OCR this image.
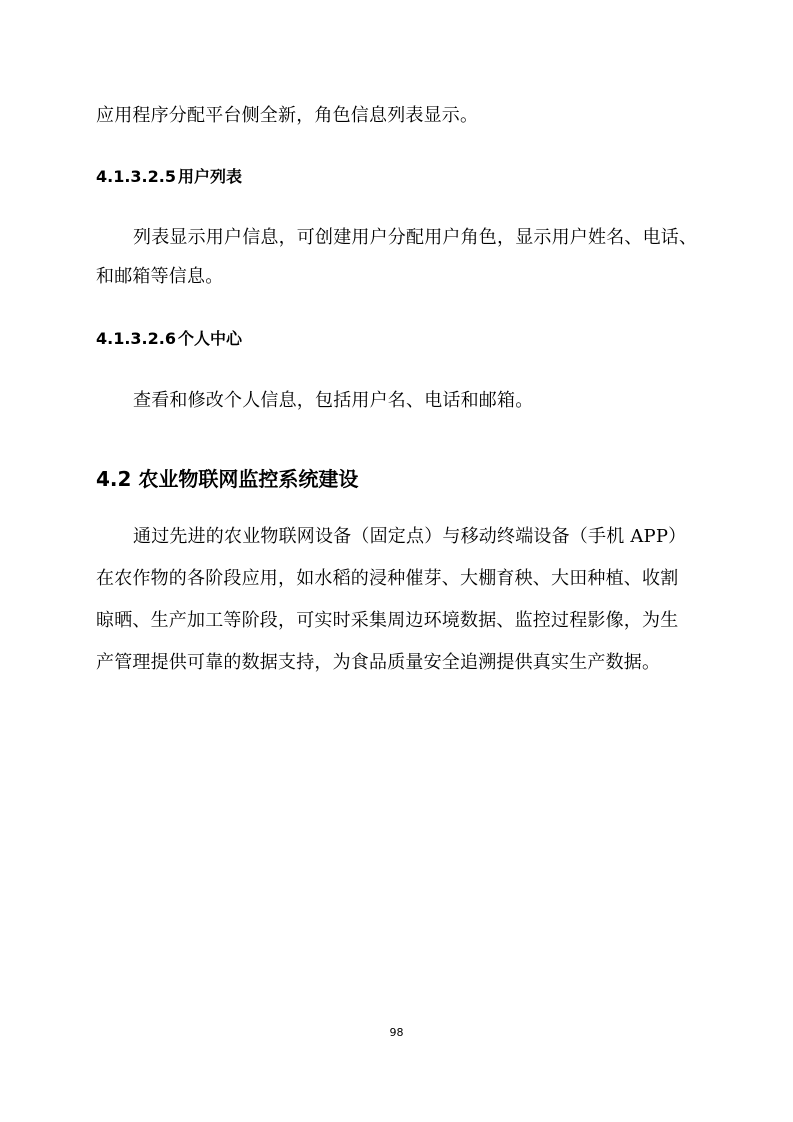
应用程序分配平台侧全新，角色信息列表显示。
4.1.3.2.5 用户列表
列表显示用户信息，可创建用户分配用户角色，显示用户姓名、电话、
和邮箱等信息。
4.1.3.2.6 个人中心
查看和修改个人信息，包括用户名、电话和邮箱。
4.2 农业物联网监控系统建设
通过先进的农业物联网设备（固定点）与移动终端设备（手机 APP）
在农作物的各阶段应用，如水稻的浸种催芽、大棚育秧、大田种植、收割
晾晒、生产加工等阶段，可实时采集周边环境数据、监控过程影像，为生
产管理提供可靠的数据支持，为食品质量安全追溯提供真实生产数据。
98
